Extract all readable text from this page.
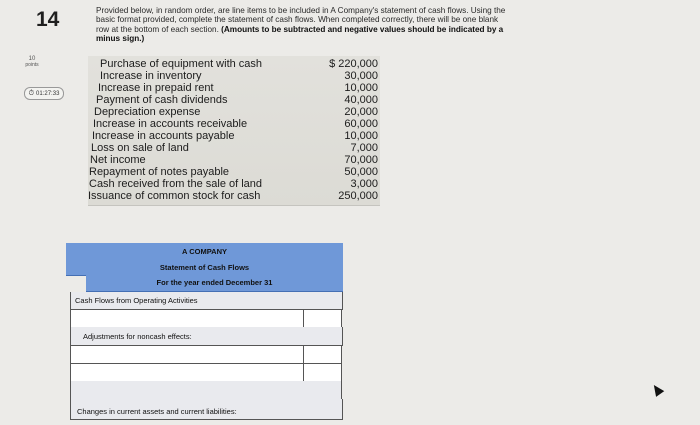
14
10
points
⏱ 01:27:33
Provided below, in random order, are line items to be included in A Company's statement of cash flows. Using the
basic format provided, complete the statement of cash flows. When completed correctly, there will be one blank
row at the bottom of each section. (Amounts to be subtracted and negative values should be indicated by a
minus sign.)
Purchase of equipment with cash	$ 220,000
Increase in inventory	30,000
Increase in prepaid rent	10,000
Payment of cash dividends	40,000
Depreciation expense	20,000
Increase in accounts receivable	60,000
Increase in accounts payable	10,000
Loss on sale of land	7,000
Net income	70,000
Repayment of notes payable	50,000
Cash received from the sale of land	3,000
Issuance of common stock for cash	250,000
A COMPANY
Statement of Cash Flows
For the year ended December 31
Cash Flows from Operating Activities
Adjustments for noncash effects:
Changes in current assets and current liabilities:
